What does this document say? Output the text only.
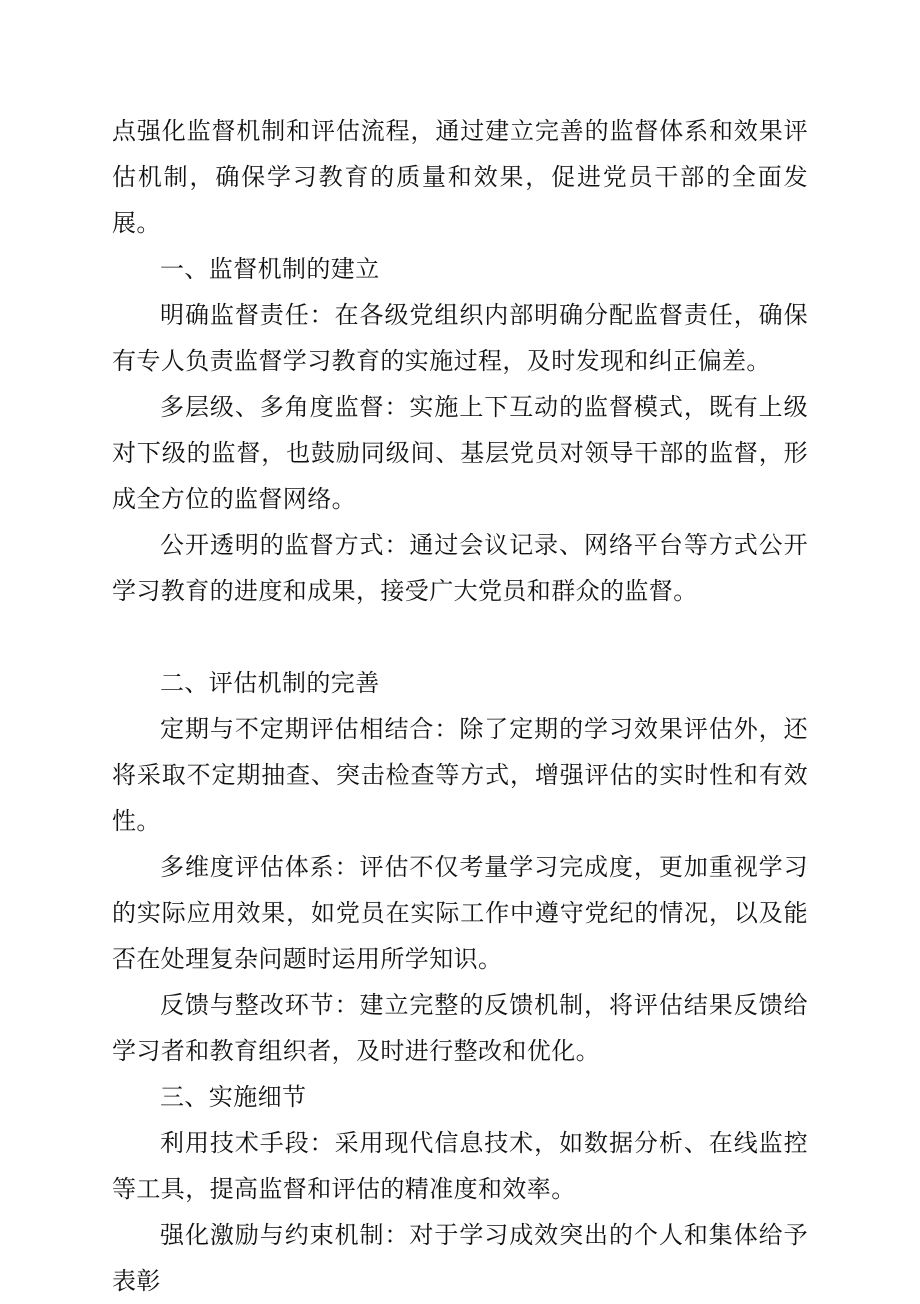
点强化监督机制和评估流程，通过建立完善的监督体系和效果评估机制，确保学习教育的质量和效果，促进党员干部的全面发展。

一、监督机制的建立

明确监督责任：在各级党组织内部明确分配监督责任，确保有专人负责监督学习教育的实施过程，及时发现和纠正偏差。

多层级、多角度监督：实施上下互动的监督模式，既有上级对下级的监督，也鼓励同级间、基层党员对领导干部的监督，形成全方位的监督网络。

公开透明的监督方式：通过会议记录、网络平台等方式公开学习教育的进度和成果，接受广大党员和群众的监督。

二、评估机制的完善

定期与不定期评估相结合：除了定期的学习效果评估外，还将采取不定期抽查、突击检查等方式，增强评估的实时性和有效性。

多维度评估体系：评估不仅考量学习完成度，更加重视学习的实际应用效果，如党员在实际工作中遵守党纪的情况，以及能否在处理复杂问题时运用所学知识。

反馈与整改环节：建立完整的反馈机制，将评估结果反馈给学习者和教育组织者，及时进行整改和优化。

三、实施细节

利用技术手段：采用现代信息技术，如数据分析、在线监控等工具，提高监督和评估的精准度和效率。

强化激励与约束机制：对于学习成效突出的个人和集体给予表彰
